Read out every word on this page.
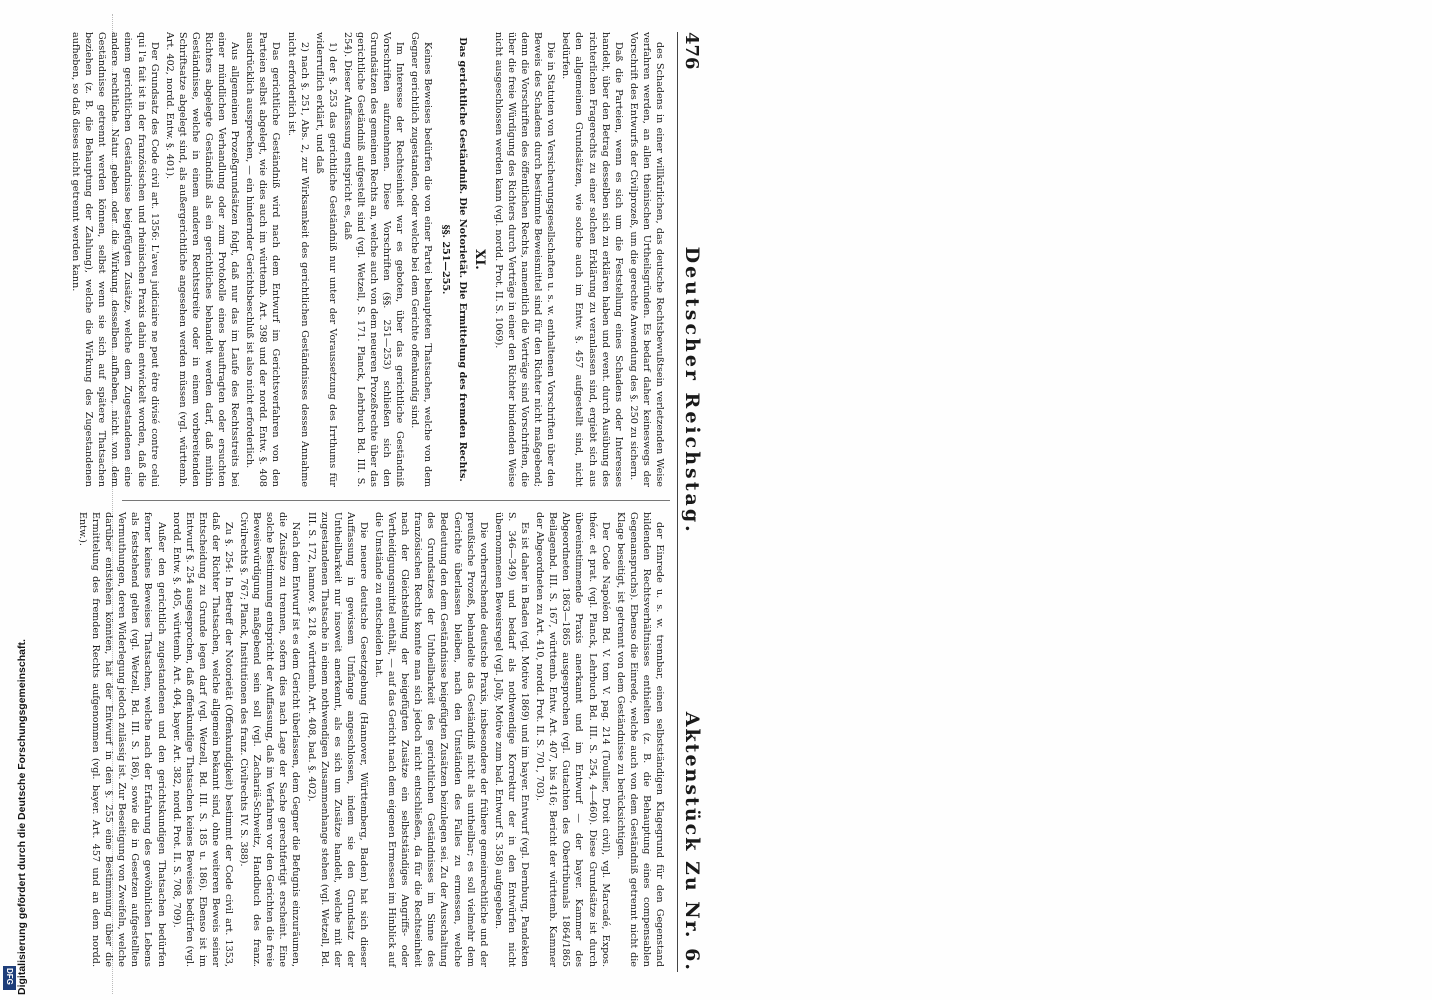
476
Deutscher Reichstag.
Aktenstück Zu Nr. 6.

des Schadens in einer willkürlichen, das deutsche Rechtsbewußtsein verletzenden Weise verfahren werden, an allen theinischen Urtheilsgründen. Es bedarf daher keineswegs der Vorschrift des Entwurfs der Civilprozeß, um die gerechte Anwendung des §. 250 zu sichern.

Daß die Parteien, wenn es sich um die Feststellung eines Schadens oder Interesses handelt, über den Betrag desselben sich zu erklären haben und event. durch Ausübung des richterlichen Fragerechts zu einer solchen Erklärung zu veranlassen sind, ergiebt sich aus den allgemeinen Grundsätzen, wie solche auch im Entw. §. 457 aufgestellt sind, nicht bedürfen.

Die in Statuten von Versicherungsgesellschaften u. s. w. enthaltenen Vorschriften über den Beweis des Schadens durch bestimmte Beweismittel sind für den Richter nicht maßgebend; denn die Vorschriften des öffentlichen Rechts, namentlich die Verträge sind Vorschriften, die über die freie Würdigung des Richters durch Verträge in einer den Richter bindenden Weise nicht ausgeschlossen werden kann (vgl. nordd. Prot. II. S. 1069).

XI.
Das gerichtliche Geständniß. Die Notorietät. Die Ermittelung des fremden Rechts.
§§. 251—255.

Keines Beweises bedürfen die von einer Partei behaupteten Thatsachen, welche von dem Gegner gerichtlich zugestanden, oder welche bei dem Gerichte offenkundig sind.

Im Interesse der Rechtseinheit war es geboten, über das gerichtliche Geständniß Vorschriften aufzunehmen. Diese Vorschriften (§§. 251—253) schließen sich den Grundsätzen des gemeinen Rechts an, welche auch von dem neueren Prozeßrechte über das gerichtliche Geständniß aufgestellt sind (vgl. Wetzell, S. 171. Planck, Lehrbuch Bd. III. S. 254). Dieser Auffassung entspricht es, daß

1) der §. 253 das gerichtliche Geständniß nur unter der Voraussetzung des Irrthums für widerruflich erklärt, und daß

2) nach §. 251, Abs. 2, zur Wirksamkeit des gerichtlichen Geständnisses dessen Annahme nicht erforderlich ist.

Das gerichtliche Geständniß wird nach dem Entwurf im Gerichtsverfahren von den Parteien selbst abgelegt, wie dies auch im württemb. Art. 398 und der nordd. Entw. §. 408 ausdrücklich aussprechen, — ein hindernder Gerichtsbeschluß ist also nicht erforderlich.

Aus allgemeinen Prozeßgrundsätzen folgt, daß nur das im Laufe des Rechtsstreits bei einer mündlichen Verhandlung oder zum Protokolle eines beauftragten oder ersuchten Richters abgelegte Geständniß als ein gerichtliches behandelt werden darf, daß mithin Geständnisse, welche in einem anderen Rechtsstreite oder in einem vorbereitenden Schriftsatze abgelegt sind, als außergerichtliche angesehen werden müssen (vgl. württemb. Art. 402, nordd. Entw. §. 401).

Der Grundsatz des Code civil art. 1356: L'aveu judiciaire ne peut être divisé contre celui qui l'a fait ist in der französischen und rheinischen Praxis dahin entwickelt worden, daß die einem gerichtlichen Geständnisse beigefügten Zusätze, welche dem Zugestandenen eine andere rechtliche Natur geben oder die Wirkung desselben aufheben, nicht von dem Geständnisse getrennt werden können, selbst wenn sie sich auf spätere Thatsachen beziehen (z. B. die Behauptung der Zahlung), welche die Wirkung des Zugestandenen aufheben, so daß dieses nicht getrennt werden kann.

der Einrede u. s. w. trennbar, einen selbstständigen Klagegrund für den Gegenstand bildenden Rechtsverhältnisses enthielten (z. B. die Behauptung eines compensablen Gegenanspruchs). Ebenso die Einrede, welche auch von dem Geständniß getrennt nicht die Klage beseitigt, ist getrennt von dem Geständnisse zu berücksichtigen.

Der Code Napoléon Bd. V. tom V. pag. 214 (Toullier, Droit civil), vgl. Marcadé, Expos. théor. et prat. (vgl. Planck, Lehrbuch Bd. III. S. 254, 4—460). Diese Grundsätze ist durch übereinstimmende Praxis anerkannt und im Entwurf — der bayer. Kammer des Abgeordneten 1863—1865 ausgesprochen (vgl. Gutachten des Obertribunals 1864/1865 Beilagenbd. III. S. 167, württemb. Entw. Art. 407, bis 416; Bericht der württemb. Kammer der Abgeordneten zu Art. 410, nordd. Prot. II. S. 701, 703).

Es ist daher in Baden (vgl. Motive 1869) und im bayer. Entwurf (vgl. Dernburg, Pandekten S. 346—349) und bedarf als nothwendige Korrektur der in den Entwürfen nicht übernommenen Beweisregel (vgl. Jolly, Motive zum bad. Entwurf S. 358) aufgegeben.

Die vorherrschende deutsche Praxis, insbesondere der frühere gemeinrechtliche und der preußische Prozeß, behandelte das Geständniß nicht als untheilbar; es soll vielmehr dem Gerichte überlassen bleiben, nach den Umständen des Falles zu ermessen, welche Bedeutung den dem Geständnisse beigefügten Zusätzen beizulegen sei. Zu der Ausschaltung des Grundsatzes der Untheilbarkeit des gerichtlichen Geständnisses im Sinne des französischen Rechts konnte man sich jedoch nicht entschließen, da für die Rechtseinheit nach der Gleichstellung der beigefügten Zusätze ein selbstständiges Angriffs- oder Vertheidigungsmittel enthält, — auf das Gericht nach dem eigenen Ermessen im Hinblick auf die Umstände zu entscheiden hat.

Die neuere deutsche Gesetzgebung (Hannover, Württemberg, Baden) hat sich dieser Auffassung in gewissem Umfange angeschlossen, indem sie den Grundsatz der Untheilbarkeit nur insoweit anerkennt, als es sich um Zusätze handelt, welche mit der zugestandenen Thatsache in einem nothwendigen Zusammenhange stehen (vgl. Wetzell, Bd. III. S. 172, hannov. §. 218, württemb. Art. 408, bad. §. 402).

Nach dem Entwurf ist es dem Gericht überlassen, dem Gegner die Befugnis einzuräumen, die Zusätze zu trennen, sofern dies nach Lage der Sache gerechtfertigt erscheint. Eine solche Bestimmung entspricht der Auffassung, daß im Verfahren vor den Gerichten die freie Beweiswürdigung maßgebend sein soll (vgl. Zachariä-Schweitz, Handbuch des franz. Civilrechts §. 767; Planck, Institutionen des franz. Civilrechts IV. S. 388).

Zu §. 254: In Betreff der Notorietät (Offenkundigkeit) bestimmt der Code civil art. 1353, daß der Richter Thatsachen, welche allgemein bekannt sind, ohne weiteren Beweis seiner Entscheidung zu Grunde legen darf (vgl. Wetzell, Bd. III. S. 185 u. 186). Ebenso ist im Entwurf §. 254 ausgesprochen, daß offenkundige Thatsachen keines Beweises bedürfen (vgl. nordd. Entw. §. 405, württemb. Art. 404, bayer. Art. 382, nordd. Prot. II. S. 708, 709).

Außer den gerichtlich zugestandenen und den gerichtskundigen Thatsachen bedürfen ferner keines Beweises Thatsachen, welche nach der Erfahrung des gewöhnlichen Lebens als feststehend gelten (vgl. Wetzell, Bd. III. S. 186), sowie die in Gesetzen aufgestellten Vermuthungen, deren Widerlegung jedoch zulässig ist. Zur Beseitigung von Zweifeln, welche darüber entstehen könnten, hat der Entwurf in den §. 255 eine Bestimmung über die Ermittelung des fremden Rechts aufgenommen (vgl. bayer. Art. 457 und an dem nordd. Entw.).

Digitalisierung gefördert durch die Deutsche Forschungsgemeinschaft.
DFG
